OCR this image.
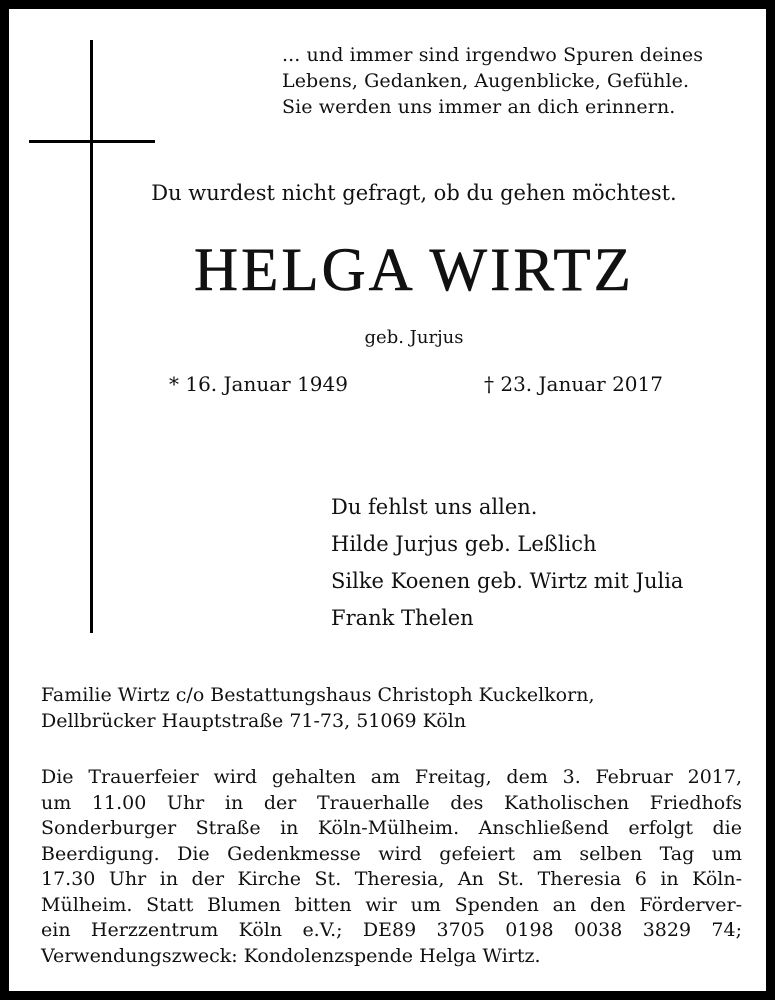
... und immer sind irgendwo Spuren deines
Lebens, Gedanken, Augenblicke, Gefühle.
Sie werden uns immer an dich erinnern.
Du wurdest nicht gefragt, ob du gehen möchtest.
HELGA WIRTZ
geb. Jurjus
* 16. Januar 1949	† 23. Januar 2017
Du fehlst uns allen.
Hilde Jurjus geb. Leßlich
Silke Koenen geb. Wirtz mit Julia
Frank Thelen
Familie Wirtz c/o Bestattungshaus Christoph Kuckelkorn,
Dellbrücker Hauptstraße 71-73, 51069 Köln
Die Trauerfeier wird gehalten am Freitag, dem 3. Februar 2017,
um 11.00 Uhr in der Trauerhalle des Katholischen Friedhofs
Sonderburger Straße in Köln-Mülheim. Anschließend erfolgt die
Beerdigung. Die Gedenkmesse wird gefeiert am selben Tag um
17.30 Uhr in der Kirche St. Theresia, An St. Theresia 6 in Köln-
Mülheim. Statt Blumen bitten wir um Spenden an den Förderver-
ein Herzzentrum Köln e.V.; DE89 3705 0198 0038 3829 74;
Verwendungszweck: Kondolenzspende Helga Wirtz.
